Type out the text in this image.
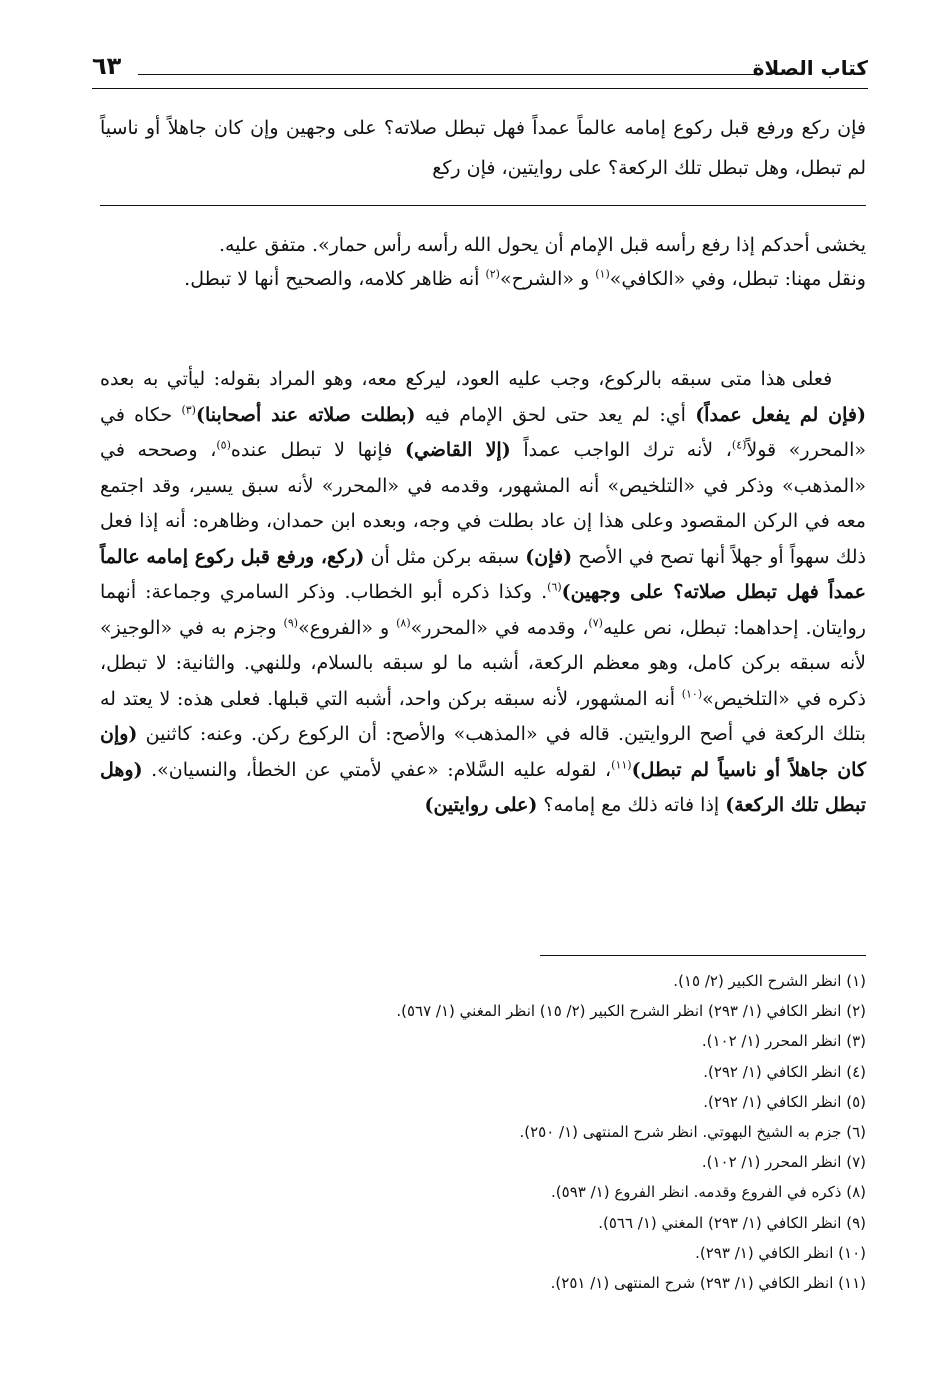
كتاب الصلاة
٦٣

فإن ركع ورفع قبل ركوع إمامه عالماً عمداً فهل تبطل صلاته؟ على وجهين وإن كان جاهلاً أو ناسياً لم تبطل، وهل تبطل تلك الركعة؟ على روايتين، فإن ركع

يخشى أحدكم إذا رفع رأسه قبل الإمام أن يحول الله رأسه رأس حمار». متفق عليه.

ونقل مهنا: تبطل، وفي «الكافي»$^{(١)}$ و «الشرح»$^{(٢)}$ أنه ظاهر كلامه، والصحيح أنها لا تبطل.

فعلى هذا متى سبقه بالركوع، وجب عليه العود، ليركع معه، وهو المراد بقوله: ليأتي به بعده (فإن لم يفعل عمداً) أي: لم يعد حتى لحق الإمام فيه (بطلت صلاته عند أصحابنا)$^{(٣)}$ حكاه في «المحرر» قولاً$^{(٤)}$، لأنه ترك الواجب عمداً (إلا القاضي) فإنها لا تبطل عنده$^{(٥)}$، وصححه في «المذهب» وذكر في «التلخيص» أنه المشهور، وقدمه في «المحرر» لأنه سبق يسير، وقد اجتمع معه في الركن المقصود وعلى هذا إن عاد بطلت في وجه، وبعده ابن حمدان، وظاهره: أنه إذا فعل ذلك سهواً أو جهلاً أنها تصح في الأصح (فإن) سبقه بركن مثل أن (ركع، ورفع قبل ركوع إمامه عالماً عمداً فهل تبطل صلاته؟ على وجهين)$^{(٦)}$. وكذا ذكره أبو الخطاب. وذكر السامري وجماعة: أنهما روايتان. إحداهما: تبطل، نص عليه$^{(٧)}$، وقدمه في «المحرر»$^{(٨)}$ و «الفروع»$^{(٩)}$ وجزم به في «الوجيز» لأنه سبقه بركن كامل، وهو معظم الركعة، أشبه ما لو سبقه بالسلام، وللنهي. والثانية: لا تبطل، ذكره في «التلخيص»$^{(١٠)}$ أنه المشهور، لأنه سبقه بركن واحد، أشبه التي قبلها. فعلى هذه: لا يعتد له بتلك الركعة في أصح الروايتين. قاله في «المذهب» والأصح: أن الركوع ركن. وعنه: كاثنين (وإن كان جاهلاً أو ناسياً لم تبطل)$^{(١١)}$، لقوله عليه السَّلام: «عفي لأمتي عن الخطأ، والنسيان». (وهل تبطل تلك الركعة) إذا فاته ذلك مع إمامه؟ (على روايتين)

(١) انظر الشرح الكبير (٢/ ١٥).
(٢) انظر الكافي (١/ ٢٩٣) انظر الشرح الكبير (٢/ ١٥) انظر المغني (١/ ٥٦٧).
(٣) انظر المحرر (١/ ١٠٢).
(٤) انظر الكافي (١/ ٢٩٢).
(٥) انظر الكافي (١/ ٢٩٢).
(٦) جزم به الشيخ البهوتي. انظر شرح المنتهى (١/ ٢٥٠).
(٧) انظر المحرر (١/ ١٠٢).
(٨) ذكره في الفروع وقدمه. انظر الفروع (١/ ٥٩٣).
(٩) انظر الكافي (١/ ٢٩٣) المغني (١/ ٥٦٦).
(١٠) انظر الكافي (١/ ٢٩٣).
(١١) انظر الكافي (١/ ٢٩٣) شرح المنتهى (١/ ٢٥١).
